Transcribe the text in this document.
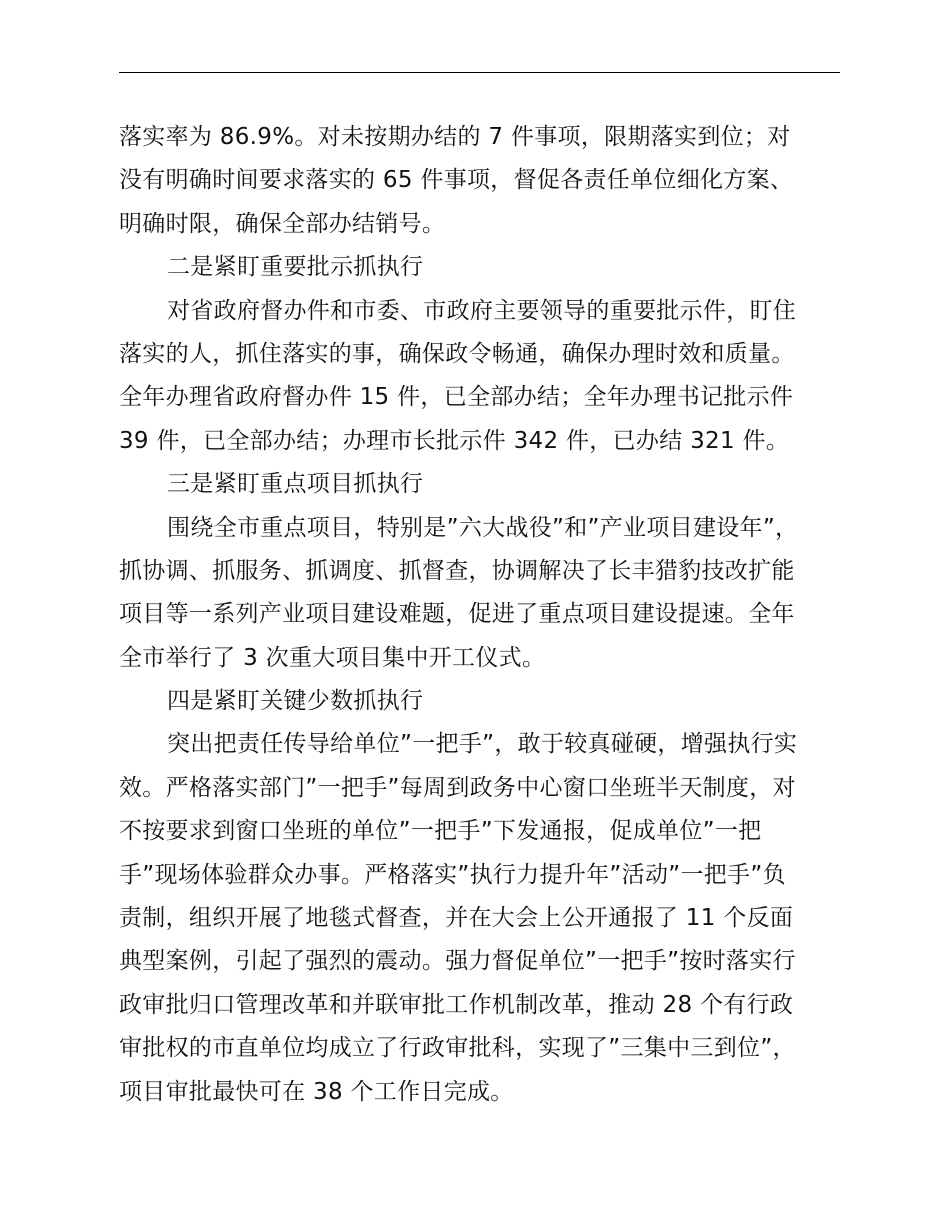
落实率为 86.9%。对未按期办结的 7 件事项，限期落实到位；对
没有明确时间要求落实的 65 件事项，督促各责任单位细化方案、
明确时限，确保全部办结销号。
二是紧盯重要批示抓执行
对省政府督办件和市委、市政府主要领导的重要批示件，盯住
落实的人，抓住落实的事，确保政令畅通，确保办理时效和质量。
全年办理省政府督办件 15 件，已全部办结；全年办理书记批示件
39 件，已全部办结；办理市长批示件 342 件，已办结 321 件。
三是紧盯重点项目抓执行
围绕全市重点项目，特别是”六大战役”和”产业项目建设年”，
抓协调、抓服务、抓调度、抓督查，协调解决了长丰猎豹技改扩能
项目等一系列产业项目建设难题，促进了重点项目建设提速。全年
全市举行了 3 次重大项目集中开工仪式。
四是紧盯关键少数抓执行
突出把责任传导给单位”一把手”，敢于较真碰硬，增强执行实
效。严格落实部门”一把手”每周到政务中心窗口坐班半天制度，对
不按要求到窗口坐班的单位”一把手”下发通报，促成单位”一把
手”现场体验群众办事。严格落实”执行力提升年”活动”一把手”负
责制，组织开展了地毯式督查，并在大会上公开通报了 11 个反面
典型案例，引起了强烈的震动。强力督促单位”一把手”按时落实行
政审批归口管理改革和并联审批工作机制改革，推动 28 个有行政
审批权的市直单位均成立了行政审批科，实现了”三集中三到位”，
项目审批最快可在 38 个工作日完成。
